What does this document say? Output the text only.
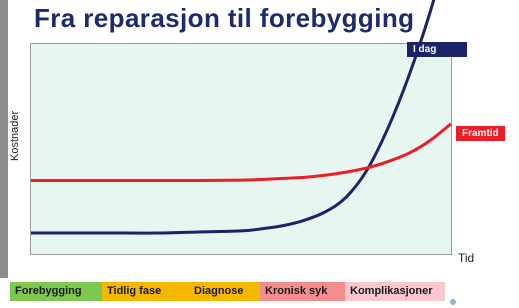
Fra reparasjon til forebygging
Kostnader
Tid
I dag
Framtid
Forebygging	Tidlig fase	Diagnose	Kronisk syk	Komplikasjoner
